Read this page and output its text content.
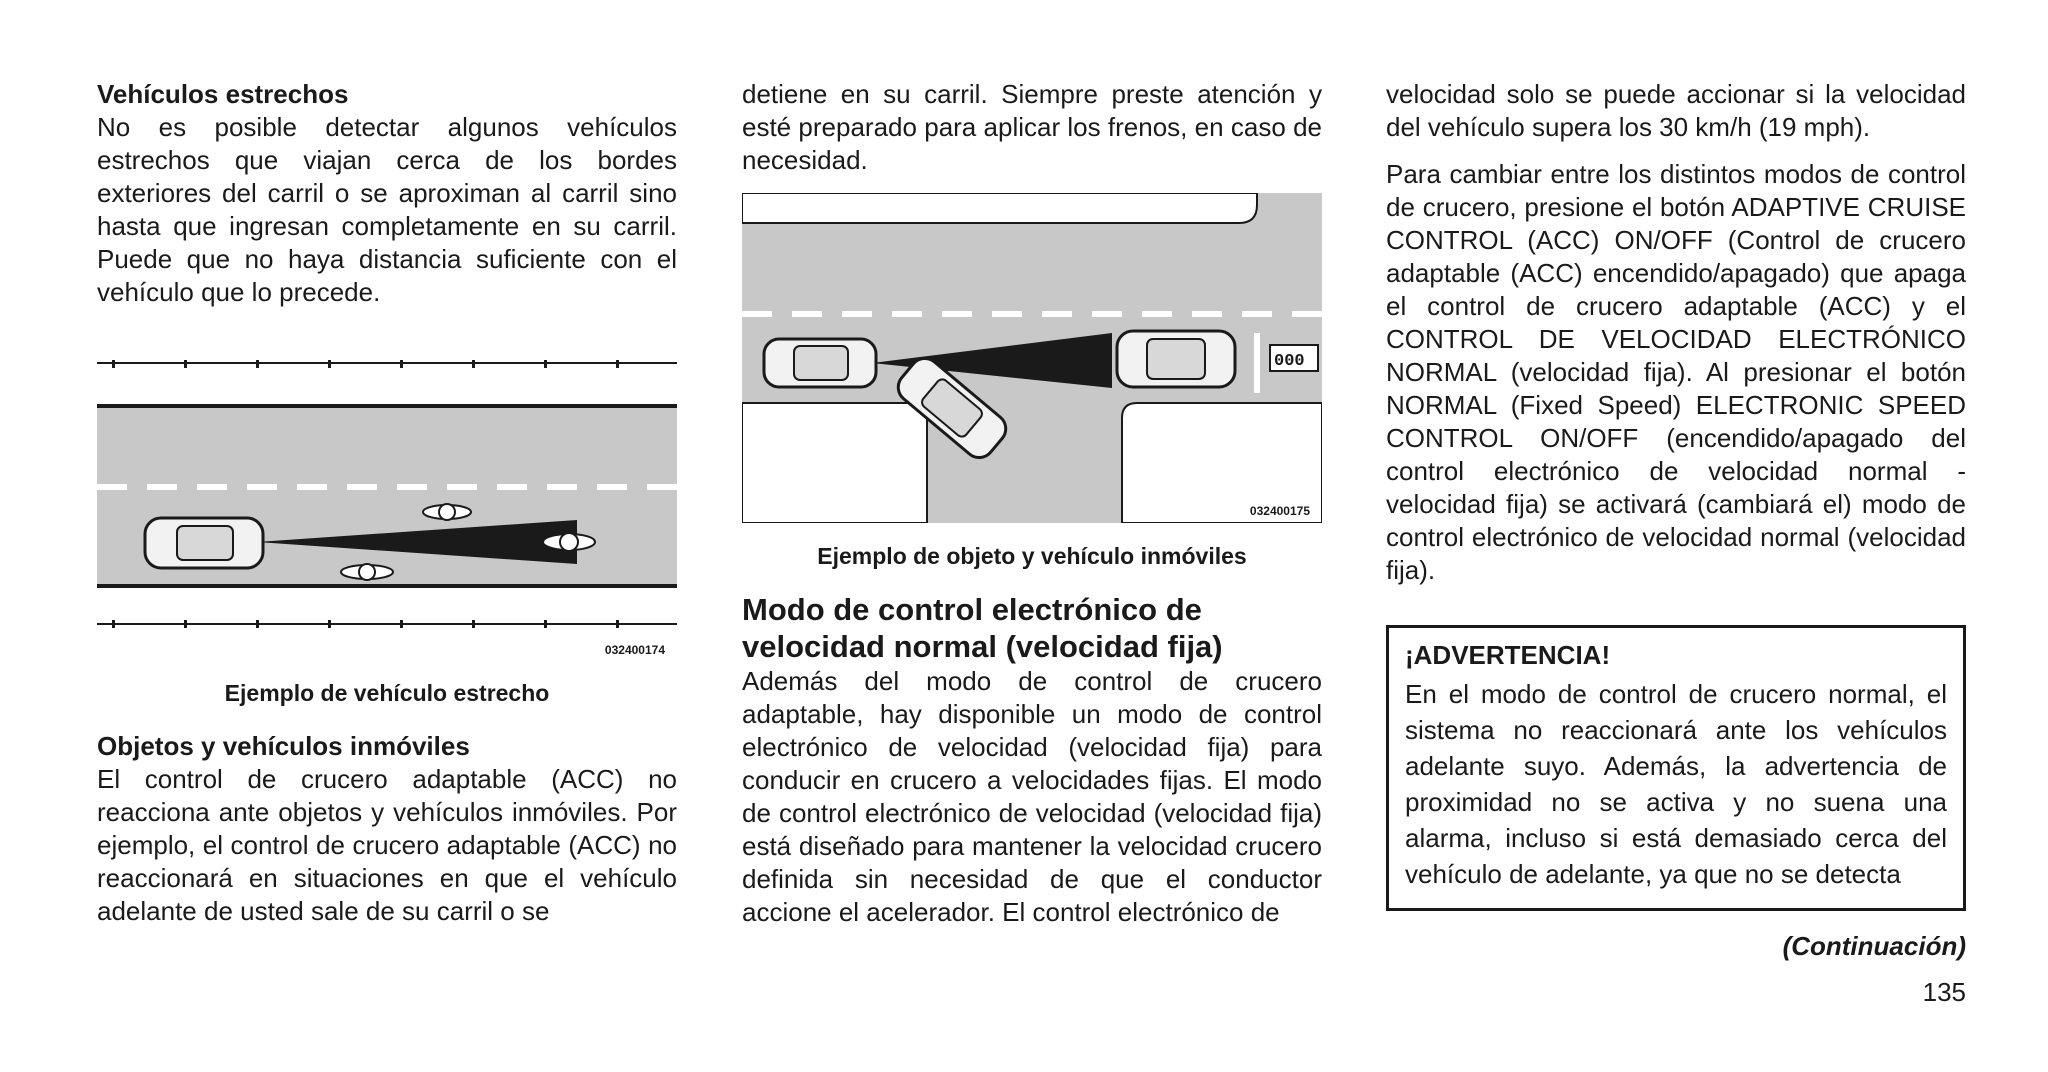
Vehículos estrechos

No es posible detectar algunos vehículos estrechos que viajan cerca de los bordes exteriores del carril o se aproximan al carril sino hasta que ingresan completamente en su carril. Puede que no haya distancia suficiente con el vehículo que lo precede.

032400174
Ejemplo de vehículo estrecho
Objetos y vehículos inmóviles

El control de crucero adaptable (ACC) no reacciona ante objetos y vehículos inmóviles. Por ejemplo, el control de crucero adaptable (ACC) no reaccionará en situaciones en que el vehículo adelante de usted sale de su carril o se

detiene en su carril. Siempre preste atención y esté preparado para aplicar los frenos, en caso de necesidad.

000
032400175
Ejemplo de objeto y vehículo inmóviles
Modo de control electrónico de velocidad normal (velocidad fija)

Además del modo de control de crucero adaptable, hay disponible un modo de control electrónico de velocidad (velocidad fija) para conducir en crucero a velocidades fijas. El modo de control electrónico de velocidad (velocidad fija) está diseñado para mantener la velocidad crucero definida sin necesidad de que el conductor accione el acelerador. El control electrónico de

velocidad solo se puede accionar si la velocidad del vehículo supera los 30 km/h (19 mph).

Para cambiar entre los distintos modos de control de crucero, presione el botón ADAPTIVE CRUISE CONTROL (ACC) ON/OFF (Control de crucero adaptable (ACC) encendido/apagado) que apaga el control de crucero adaptable (ACC) y el CONTROL DE VELOCIDAD ELECTRÓNICO NORMAL (velocidad fija). Al presionar el botón NORMAL (Fixed Speed) ELECTRONIC SPEED CONTROL ON/OFF (encendido/apagado del control electrónico de velocidad normal - velocidad fija) se activará (cambiará el) modo de control electrónico de velocidad normal (velocidad fija).

¡ADVERTENCIA!

En el modo de control de crucero normal, el sistema no reaccionará ante los vehículos adelante suyo. Además, la advertencia de proximidad no se activa y no suena una alarma, incluso si está demasiado cerca del vehículo de adelante, ya que no se detecta

(Continuación)
135
